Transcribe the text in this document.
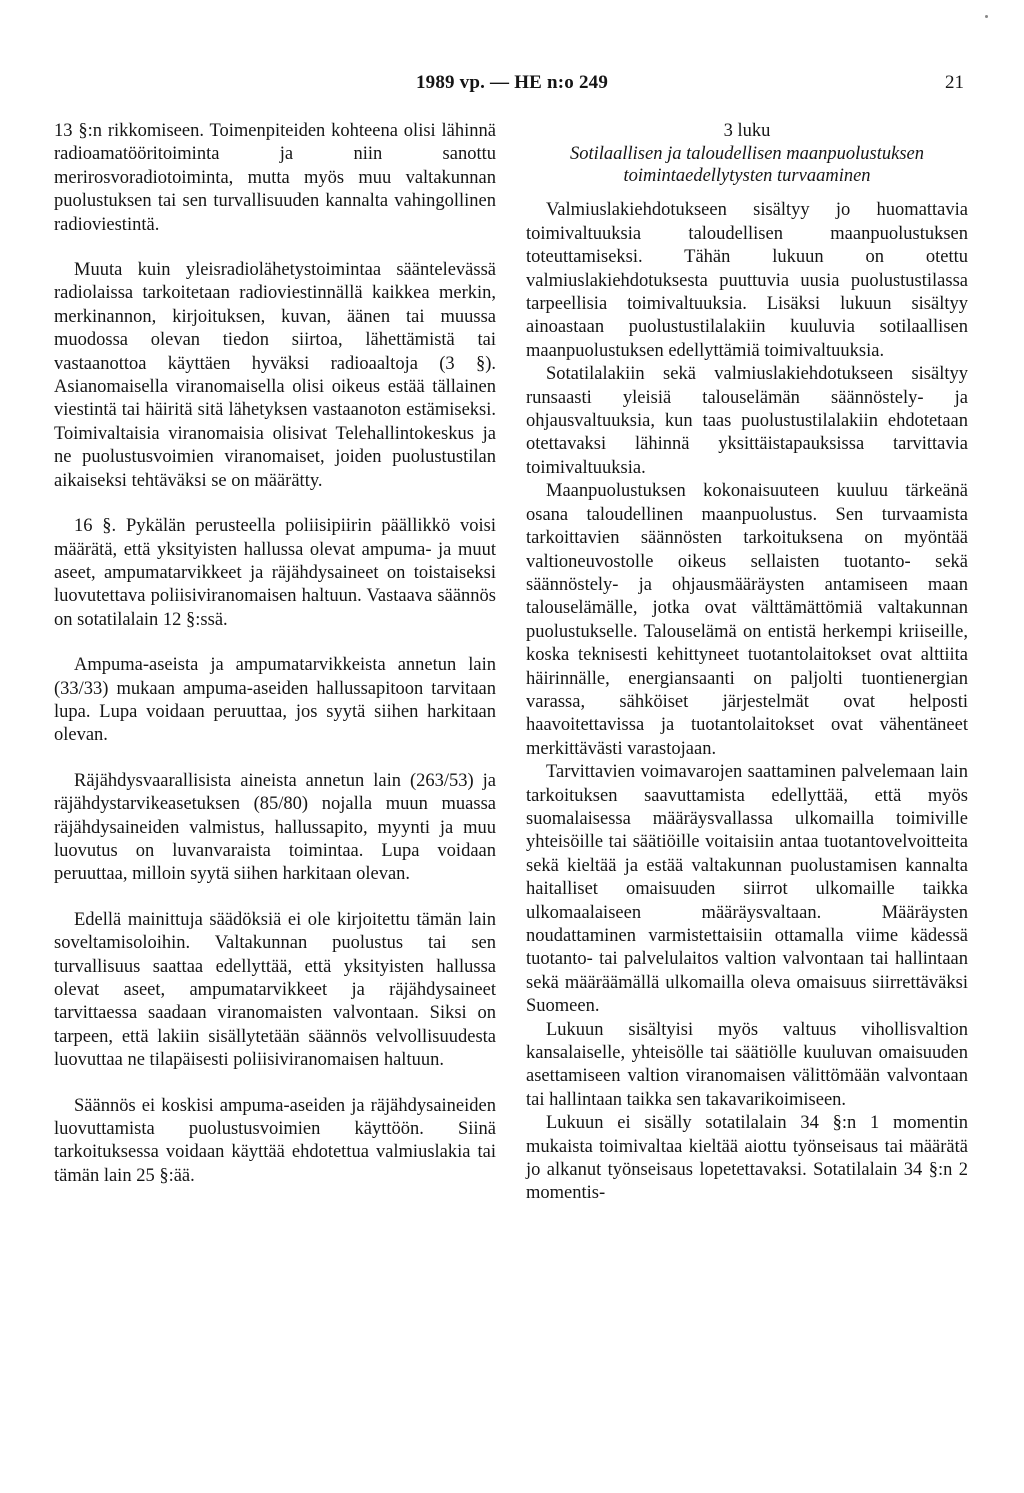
1989 vp. — HE n:o 249	21

13 §:n rikkomiseen. Toimenpiteiden kohteena olisi lähinnä radioamatööritoiminta ja niin sanottu merirosvoradiotoiminta, mutta myös muu valtakunnan puolustuksen tai sen turvallisuuden kannalta vahingollinen radioviestintä.

Muuta kuin yleisradiolähetystoimintaa sääntelevässä radiolaissa tarkoitetaan radioviestinnällä kaikkea merkin, merkinannon, kirjoituksen, kuvan, äänen tai muussa muodossa olevan tiedon siirtoa, lähettämistä tai vastaanottoa käyttäen hyväksi radioaaltoja (3 §). Asianomaisella viranomaisella olisi oikeus estää tällainen viestintä tai häiritä sitä lähetyksen vastaanoton estämiseksi. Toimivaltaisia viranomaisia olisivat Telehallintokeskus ja ne puolustusvoimien viranomaiset, joiden puolustustilan aikaiseksi tehtäväksi se on määrätty.

16 §. Pykälän perusteella poliisipiirin päällikkö voisi määrätä, että yksityisten hallussa olevat ampuma- ja muut aseet, ampumatarvikkeet ja räjähdysaineet on toistaiseksi luovutettava poliisiviranomaisen haltuun. Vastaava säännös on sotatilalain 12 §:ssä.

Ampuma-aseista ja ampumatarvikkeista annetun lain (33/33) mukaan ampuma-aseiden hallussapitoon tarvitaan lupa. Lupa voidaan peruuttaa, jos syytä siihen harkitaan olevan.

Räjähdysvaarallisista aineista annetun lain (263/53) ja räjähdystarvikeasetuksen (85/80) nojalla muun muassa räjähdysaineiden valmistus, hallussapito, myynti ja muu luovutus on luvanvaraista toimintaa. Lupa voidaan peruuttaa, milloin syytä siihen harkitaan olevan.

Edellä mainittuja säädöksiä ei ole kirjoitettu tämän lain soveltamisoloihin. Valtakunnan puolustus tai sen turvallisuus saattaa edellyttää, että yksityisten hallussa olevat aseet, ampumatarvikkeet ja räjähdysaineet tarvittaessa saadaan viranomaisten valvontaan. Siksi on tarpeen, että lakiin sisällytetään säännös velvollisuudesta luovuttaa ne tilapäisesti poliisiviranomaisen haltuun.

Säännös ei koskisi ampuma-aseiden ja räjähdysaineiden luovuttamista puolustusvoimien käyttöön. Siinä tarkoituksessa voidaan käyttää ehdotettua valmiuslakia tai tämän lain 25 §:ää.

3 luku

Sotilaallisen ja taloudellisen maanpuolustuksen toimintaedellytysten turvaaminen

Valmiuslakiehdotukseen sisältyy jo huomattavia toimivaltuuksia taloudellisen maanpuolustuksen toteuttamiseksi. Tähän lukuun on otettu valmiuslakiehdotuksesta puuttuvia uusia puolustustilassa tarpeellisia toimivaltuuksia. Lisäksi lukuun sisältyy ainoastaan puolustustilalakiin kuuluvia sotilaallisen maanpuolustuksen edellyttämiä toimivaltuuksia.

Sotatilalakiin sekä valmiuslakiehdotukseen sisältyy runsaasti yleisiä talouselämän säännöstely- ja ohjausvaltuuksia, kun taas puolustustilalakiin ehdotetaan otettavaksi lähinnä yksittäistapauksissa tarvittavia toimivaltuuksia.

Maanpuolustuksen kokonaisuuteen kuuluu tärkeänä osana taloudellinen maanpuolustus. Sen turvaamista tarkoittavien säännösten tarkoituksena on myöntää valtioneuvostolle oikeus sellaisten tuotanto- sekä säännöstely- ja ohjausmääräysten antamiseen maan talouselämälle, jotka ovat välttämättömiä valtakunnan puolustukselle. Talouselämä on entistä herkempi kriiseille, koska teknisesti kehittyneet tuotantolaitokset ovat alttiita häirinnälle, energiansaanti on paljolti tuontienergian varassa, sähköiset järjestelmät ovat helposti haavoitettavissa ja tuotantolaitokset ovat vähentäneet merkittävästi varastojaan.

Tarvittavien voimavarojen saattaminen palvelemaan lain tarkoituksen saavuttamista edellyttää, että myös suomalaisessa määräysvallassa ulkomailla toimiville yhteisöille tai säätiöille voitaisiin antaa tuotantovelvoitteita sekä kieltää ja estää valtakunnan puolustamisen kannalta haitalliset omaisuuden siirrot ulkomaille taikka ulkomaalaiseen määräysvaltaan. Määräysten noudattaminen varmistettaisiin ottamalla viime kädessä tuotanto- tai palvelulaitos valtion valvontaan tai hallintaan sekä määräämällä ulkomailla oleva omaisuus siirrettäväksi Suomeen.

Lukuun sisältyisi myös valtuus vihollisvaltion kansalaiselle, yhteisölle tai säätiölle kuuluvan omaisuuden asettamiseen valtion viranomaisen välittömään valvontaan tai hallintaan taikka sen takavarikoimiseen.

Lukuun ei sisälly sotatilalain 34 §:n 1 momentin mukaista toimivaltaa kieltää aiottu työnseisaus tai määrätä jo alkanut työnseisaus lopetettavaksi. Sotatilalain 34 §:n 2 momentis-
